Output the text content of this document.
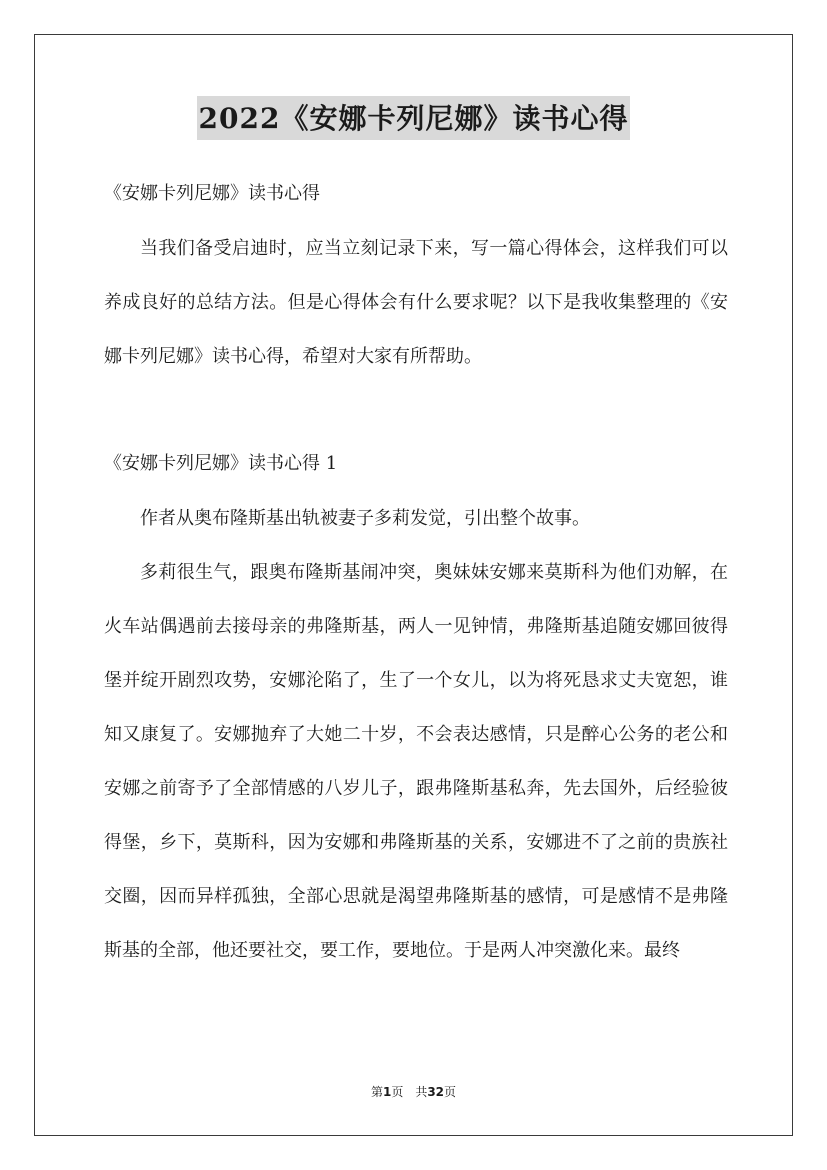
2022《安娜卡列尼娜》读书心得
《安娜卡列尼娜》读书心得
当我们备受启迪时，应当立刻记录下来，写一篇心得体会，这样我们可以养成良好的总结方法。但是心得体会有什么要求呢？以下是我收集整理的《安娜卡列尼娜》读书心得，希望对大家有所帮助。
《安娜卡列尼娜》读书心得 1
作者从奥布隆斯基出轨被妻子多莉发觉，引出整个故事。
多莉很生气，跟奥布隆斯基闹冲突，奥妹妹安娜来莫斯科为他们劝解，在火车站偶遇前去接母亲的弗隆斯基，两人一见钟情，弗隆斯基追随安娜回彼得堡并绽开剧烈攻势，安娜沦陷了，生了一个女儿，以为将死恳求丈夫宽恕，谁知又康复了。安娜抛弃了大她二十岁，不会表达感情，只是醉心公务的老公和安娜之前寄予了全部情感的八岁儿子，跟弗隆斯基私奔，先去国外，后经验彼得堡，乡下，莫斯科，因为安娜和弗隆斯基的关系，安娜进不了之前的贵族社交圈，因而异样孤独，全部心思就是渴望弗隆斯基的感情，可是感情不是弗隆斯基的全部，他还要社交，要工作，要地位。于是两人冲突激化来。最终
第1页　共32页
